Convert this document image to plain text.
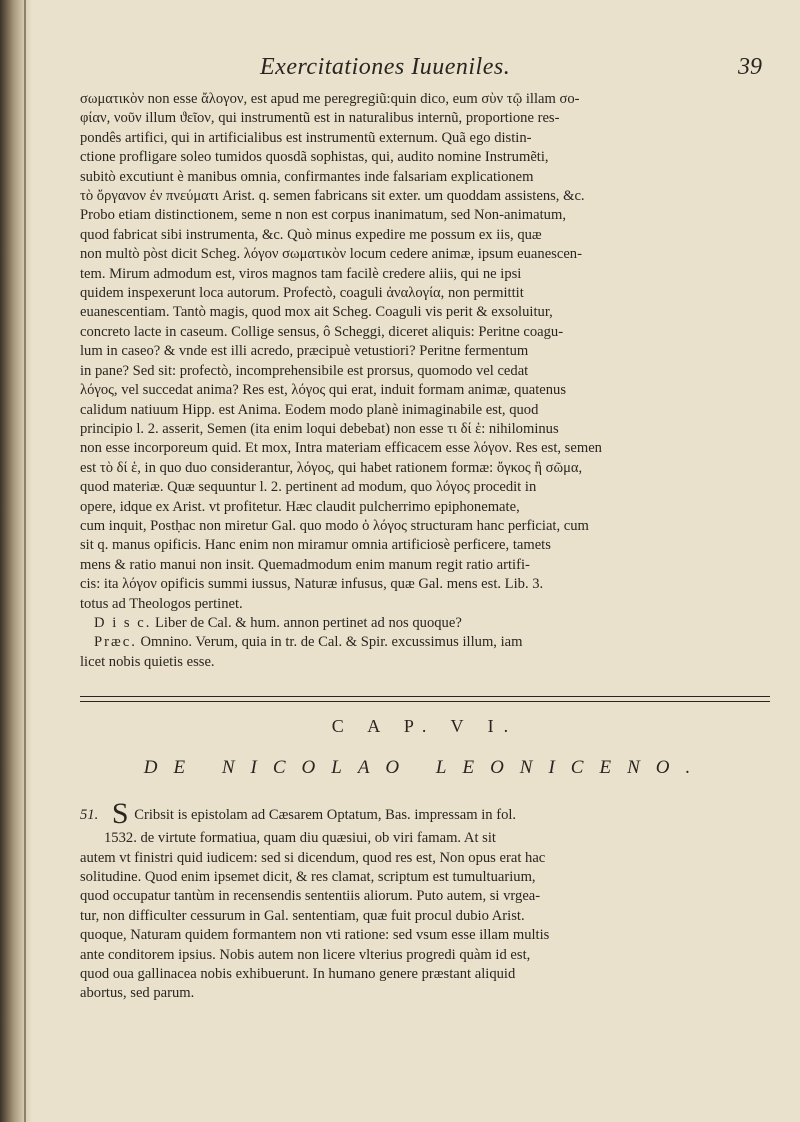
Exercitationes Iuueniles.	39

σωματικὸν non esse ἄλογον, est apud me peregregiũ:quin dico, eum σὺν τῷ illam σο-

φίαν, νοῦν illum ϑεῖον, qui instrumentũ est in naturalibus internũ, proportione res-

pondês artifici, qui in artificialibus est instrumentũ externum. Quã ego distin-

ctione profligare soleo tumidos quosdã sophistas, qui, audito nomine Instrumẽti,

subitò excutiunt è manibus omnia, confirmantes inde falsariam explicationem

τὸ ὄργανον ἐν πνεύματι Arist. q. semen fabricans sit exter. um quoddam assistens, &c.

Probo etiam distinctionem, seme n non est corpus inanimatum, sed Non-animatum,

quod fabricat sibi instrumenta, &c. Quò minus expedire me possum ex iis, quæ

non multò pòst dicit Scheg. λόγον σωματικὸν locum cedere animæ, ipsum euanescen-

tem. Mirum admodum est, viros magnos tam facilè credere aliis, qui ne ipsi

quidem inspexerunt loca autorum. Profectò, coaguli ἀναλογία, non permittit

euanescentiam. Tantò magis, quod mox ait Scheg. Coaguli vis perit & exsoluitur,

concreto lacte in caseum. Collige sensus, ô Scheggi, diceret aliquis: Peritne coagu-

lum in caseo? & vnde est illi acredo, præcipuè vetustiori? Peritne fermentum

in pane? Sed sit: profectò, incomprehensibile est prorsus, quomodo vel cedat

λόγος, vel succedat anima? Res est, λόγος qui erat, induit formam animæ, quatenus

calidum natiuum Hipp. est Anima. Eodem modo planè inimaginabile est, quod

principio l. 2. asserit, Semen (ita enim loqui debebat) non esse τι δί ἑ: nihilominus

non esse incorporeum quid. Et mox, Intra materiam efficacem esse λόγον. Res est, semen

est τὸ δί ἑ, in quo duo considerantur, λόγος, qui habet rationem formæ: ὄγκος ἢ σῶμα,

quod materiæ. Quæ sequuntur l. 2. pertinent ad modum, quo λόγος procedit in

opere, idque ex Arist. vt profitetur. Hæc claudit pulcherrimo epiphonemate,

cum inquit, Postḥac non miretur Gal. quo modo ὁ λόγος structuram hanc perficiat, cum

sit q. manus opificis. Hanc enim non miramur omnia artificiosè perficere, tamets

mens & ratio manui non insit. Quemadmodum enim manum regit ratio artifi-

cis: ita λόγον opificis summi iussus, Naturæ infusus, quæ Gal. mens est. Lib. 3.

totus ad Theologos pertinet.

D i s c. Liber de Cal. & hum. annon pertinet ad nos quoque?

Præc. Omnino. Verum, quia in tr. de Cal. & Spir. excussimus illum, iam

licet nobis quietis esse.

C A P. V I.
DE NICOLAO LEONICENO.

51. S Cribsit is epistolam ad Cæsarem Optatum, Bas. impressam in fol.

1532. de virtute formatiua, quam diu quæsiui, ob viri famam. At sit

autem vt finistri quid iudicem: sed si dicendum, quod res est, Non opus erat hac

solitudine. Quod enim ipsemet dicit, & res clamat, scriptum est tumultuarium,

quod occupatur tantùm in recensendis sententiis aliorum. Puto autem, si vrgea-

tur, non difficulter cessurum in Gal. sententiam, quæ fuit procul dubio Arist.

quoque, Naturam quidem formantem non vti ratione: sed vsum esse illam multis

ante conditorem ipsius. Nobis autem non licere vlterius progredi quàm id est,

quod oua gallinacea nobis exhibuerunt. In humano genere præstant aliquid

abortus, sed parum.
